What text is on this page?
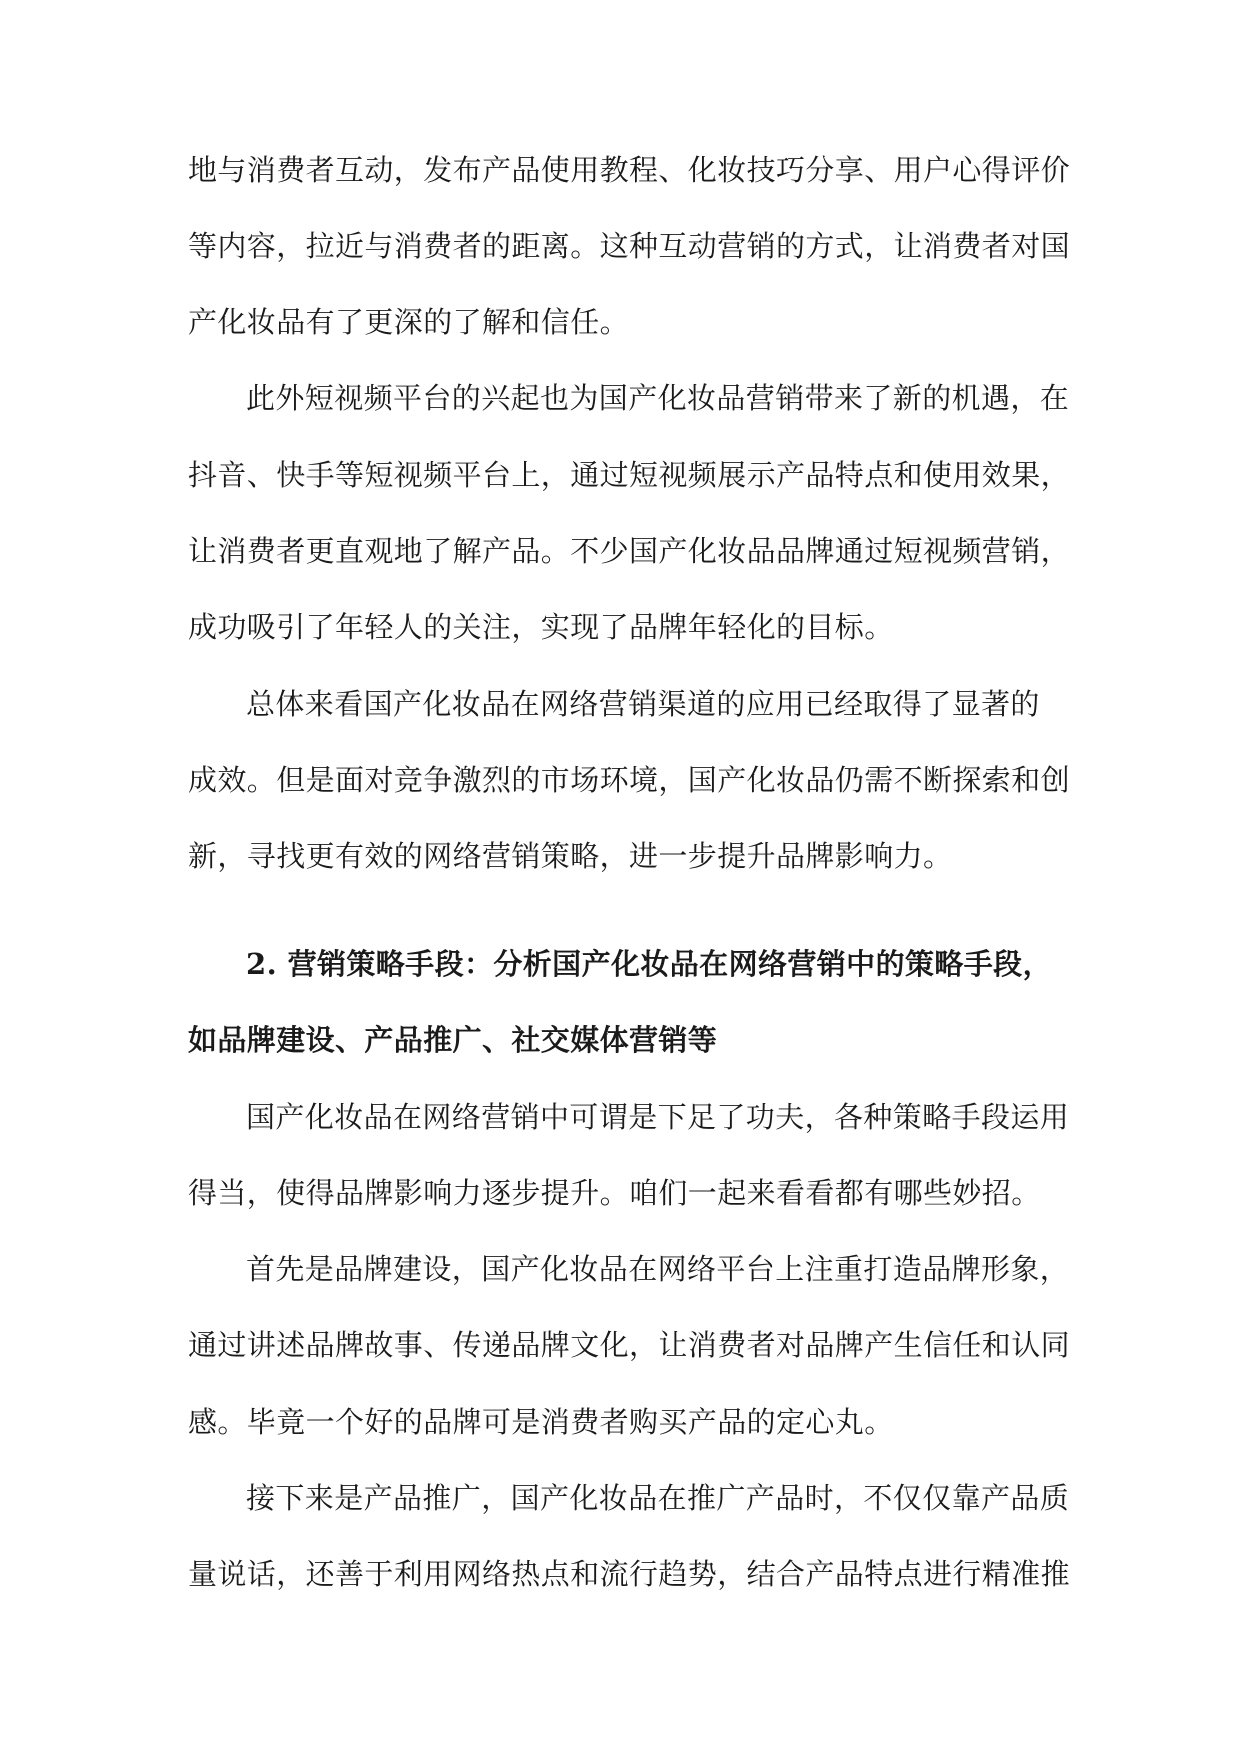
地与消费者互动，发布产品使用教程、化妆技巧分享、用户心得评价
等内容，拉近与消费者的距离。这种互动营销的方式，让消费者对国
产化妆品有了更深的了解和信任。
此外短视频平台的兴起也为国产化妆品营销带来了新的机遇，在
抖音、快手等短视频平台上，通过短视频展示产品特点和使用效果，
让消费者更直观地了解产品。不少国产化妆品品牌通过短视频营销，
成功吸引了年轻人的关注，实现了品牌年轻化的目标。
总体来看国产化妆品在网络营销渠道的应用已经取得了显著的
成效。但是面对竞争激烈的市场环境，国产化妆品仍需不断探索和创
新，寻找更有效的网络营销策略，进一步提升品牌影响力。
2. 营销策略手段：分析国产化妆品在网络营销中的策略手段，
如品牌建设、产品推广、社交媒体营销等
国产化妆品在网络营销中可谓是下足了功夫，各种策略手段运用
得当，使得品牌影响力逐步提升。咱们一起来看看都有哪些妙招。
首先是品牌建设，国产化妆品在网络平台上注重打造品牌形象，
通过讲述品牌故事、传递品牌文化，让消费者对品牌产生信任和认同
感。毕竟一个好的品牌可是消费者购买产品的定心丸。
接下来是产品推广，国产化妆品在推广产品时，不仅仅靠产品质
量说话，还善于利用网络热点和流行趋势，结合产品特点进行精准推
